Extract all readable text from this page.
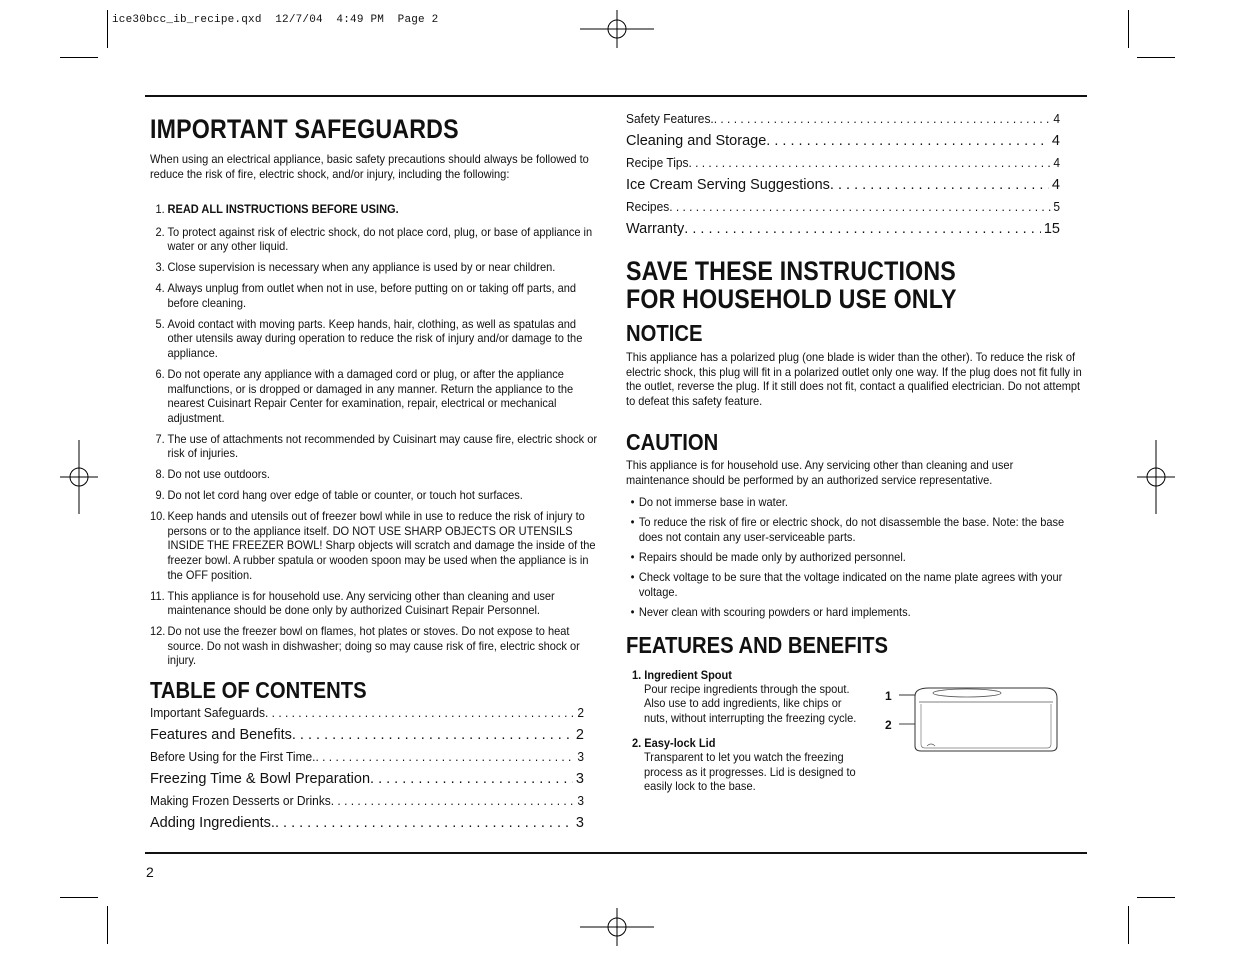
ice30bcc_ib_recipe.qxd  12/7/04  4:49 PM  Page 2
IMPORTANT SAFEGUARDS
When using an electrical appliance, basic safety precautions should always be followed to reduce the risk of fire, electric shock, and/or injury, including the following:
1. READ ALL INSTRUCTIONS BEFORE USING.
2. To protect against risk of electric shock, do not place cord, plug, or base of appliance in water or any other liquid.
3. Close supervision is necessary when any appliance is used by or near children.
4. Always unplug from outlet when not in use, before putting on or taking off parts, and before cleaning.
5. Avoid contact with moving parts. Keep hands, hair, clothing, as well as spatulas and other utensils away during operation to reduce the risk of injury and/or damage to the appliance.
6. Do not operate any appliance with a damaged cord or plug, or after the appliance malfunctions, or is dropped or damaged in any manner. Return the appliance to the nearest Cuisinart Repair Center for examination, repair, electrical or mechanical adjustment.
7. The use of attachments not recommended by Cuisinart may cause fire, electric shock or risk of injuries.
8. Do not use outdoors.
9. Do not let cord hang over edge of table or counter, or touch hot surfaces.
10. Keep hands and utensils out of freezer bowl while in use to reduce the risk of injury to persons or to the appliance itself. DO NOT USE SHARP OBJECTS OR UTENSILS INSIDE THE FREEZER BOWL! Sharp objects will scratch and damage the inside of the freezer bowl. A rubber spatula or wooden spoon may be used when the appliance is in the OFF position.
11. This appliance is for household use. Any servicing other than cleaning and user maintenance should be done only by authorized Cuisinart Repair Personnel.
12. Do not use the freezer bowl on flames, hot plates or stoves. Do not expose to heat source. Do not wash in dishwasher; doing so may cause risk of fire, electric shock or injury.
TABLE OF CONTENTS
Important Safeguards . . .	2
Features and Benefits . . .	2
Before Using for the First Time. . . .	3
Freezing Time & Bowl Preparation . . .	3
Making Frozen Desserts or Drinks . . .	3
Adding Ingredients. . . .	3
2
Safety Features. . . .	4
Cleaning and Storage . . .	4
Recipe Tips . . .	4
Ice Cream Serving Suggestions . . .	4
Recipes . . .	5
Warranty . . .	15
SAVE THESE INSTRUCTIONS
FOR HOUSEHOLD USE ONLY
NOTICE
This appliance has a polarized plug (one blade is wider than the other). To reduce the risk of electric shock, this plug will fit in a polarized outlet only one way. If the plug does not fit fully in the outlet, reverse the plug. If it still does not fit, contact a qualified electrician. Do not attempt to defeat this safety feature.
CAUTION
This appliance is for household use. Any servicing other than cleaning and user maintenance should be performed by an authorized service representative.
• Do not immerse base in water.
• To reduce the risk of fire or electric shock, do not disassemble the base. Note: the base does not contain any user-serviceable parts.
• Repairs should be made only by authorized personnel.
• Check voltage to be sure that the voltage indicated on the name plate agrees with your voltage.
• Never clean with scouring powders or hard implements.
FEATURES AND BENEFITS
1. Ingredient Spout
Pour recipe ingredients through the spout. Also use to add ingredients, like chips or nuts, without interrupting the freezing cycle.
2. Easy-lock Lid
Transparent to let you watch the freezing process as it progresses. Lid is designed to easily lock to the base.
1
2
